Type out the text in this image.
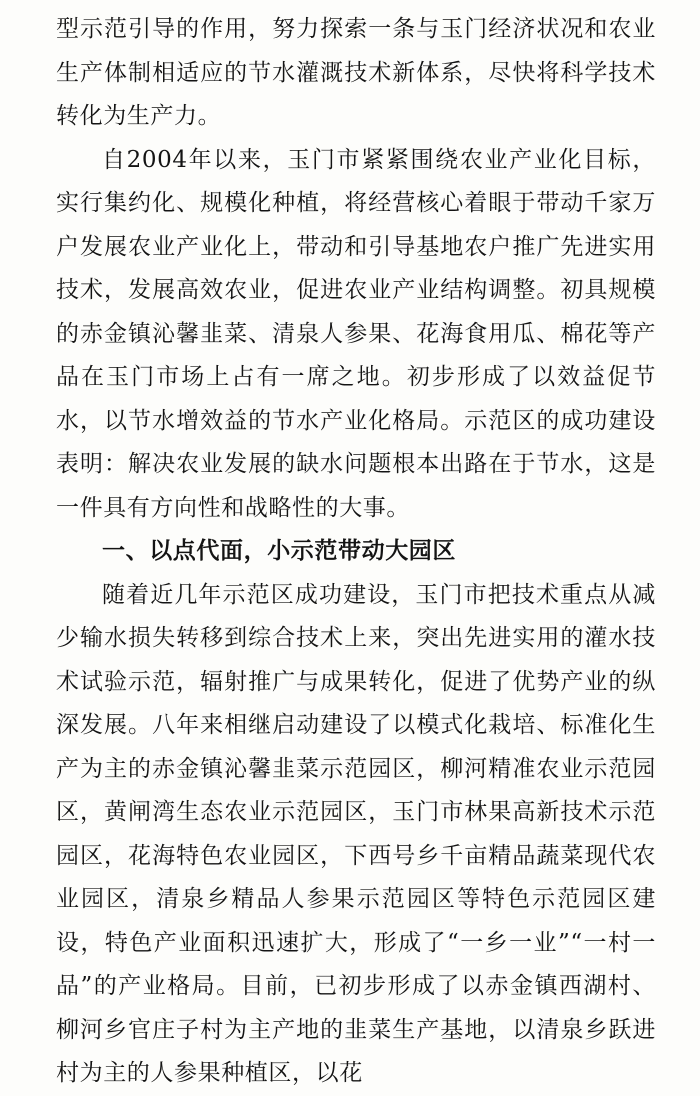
型示范引导的作用，努力探索一条与玉门经济状况和农业生产体制相适应的节水灌溉技术新体系，尽快将科学技术转化为生产力。

自2004年以来，玉门市紧紧围绕农业产业化目标，实行集约化、规模化种植，将经营核心着眼于带动千家万户发展农业产业化上，带动和引导基地农户推广先进实用技术，发展高效农业，促进农业产业结构调整。初具规模的赤金镇沁馨韭菜、清泉人参果、花海食用瓜、棉花等产品在玉门市场上占有一席之地。初步形成了以效益促节水，以节水增效益的节水产业化格局。示范区的成功建设表明：解决农业发展的缺水问题根本出路在于节水，这是一件具有方向性和战略性的大事。

一、以点代面，小示范带动大园区

随着近几年示范区成功建设，玉门市把技术重点从减少输水损失转移到综合技术上来，突出先进实用的灌水技术试验示范，辐射推广与成果转化，促进了优势产业的纵深发展。八年来相继启动建设了以模式化栽培、标准化生产为主的赤金镇沁馨韭菜示范园区，柳河精准农业示范园区，黄闸湾生态农业示范园区，玉门市林果高新技术示范园区，花海特色农业园区，下西号乡千亩精品蔬菜现代农业园区，清泉乡精品人参果示范园区等特色示范园区建设，特色产业面积迅速扩大，形成了“一乡一业”“一村一品”的产业格局。目前，已初步形成了以赤金镇西湖村、柳河乡官庄子村为主产地的韭菜生产基地，以清泉乡跃进村为主的人参果种植区，以花
